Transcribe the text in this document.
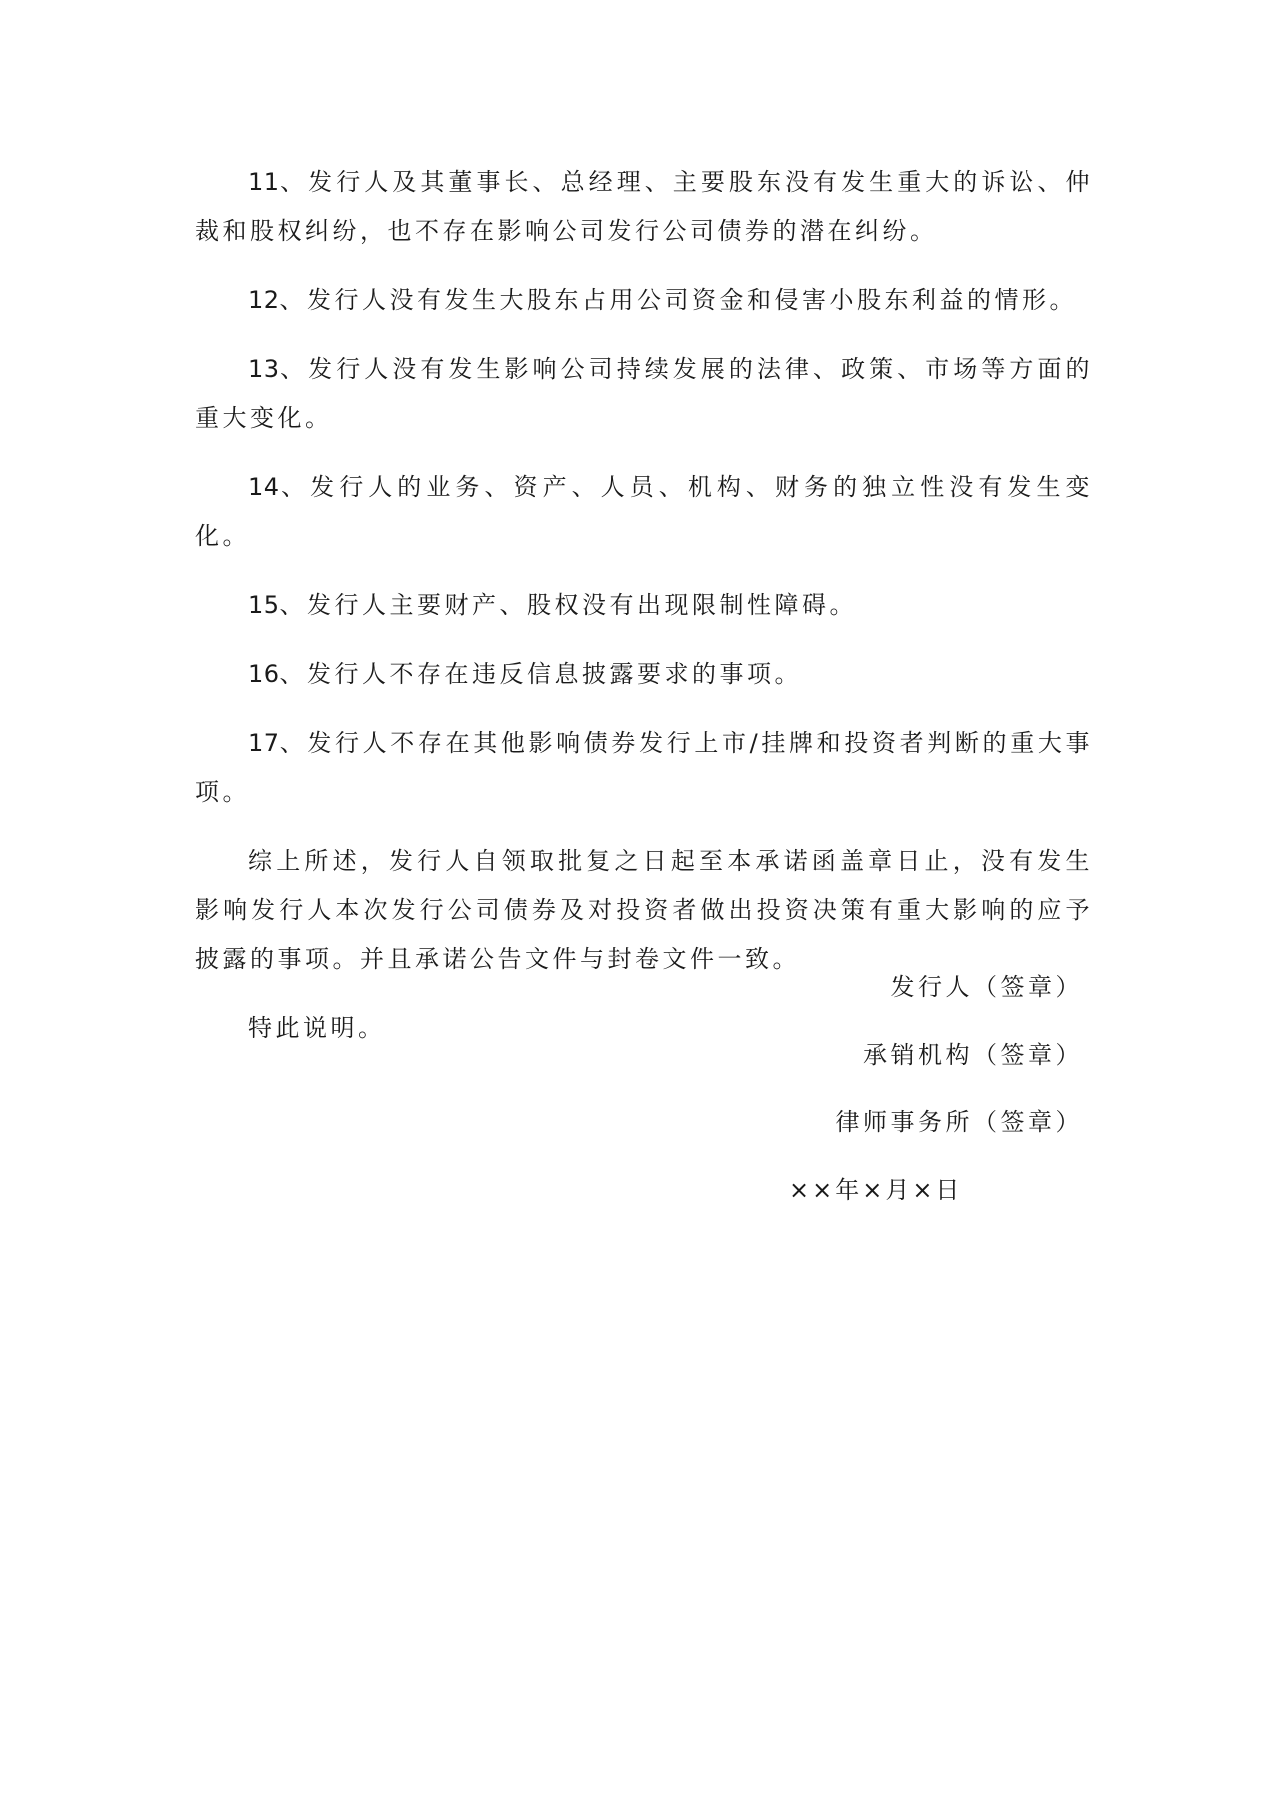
11、发行人及其董事长、总经理、主要股东没有发生重大的诉讼、仲裁和股权纠纷，也不存在影响公司发行公司债券的潜在纠纷。

12、发行人没有发生大股东占用公司资金和侵害小股东利益的情形。

13、发行人没有发生影响公司持续发展的法律、政策、市场等方面的重大变化。

14、发行人的业务、资产、人员、机构、财务的独立性没有发生变化。

15、发行人主要财产、股权没有出现限制性障碍。

16、发行人不存在违反信息披露要求的事项。

17、发行人不存在其他影响债券发行上市/挂牌和投资者判断的重大事项。

综上所述，发行人自领取批复之日起至本承诺函盖章日止，没有发生影响发行人本次发行公司债券及对投资者做出投资决策有重大影响的应予披露的事项。并且承诺公告文件与封卷文件一致。

特此说明。

发行人（签章）
承销机构（签章）
律师事务所（签章）
××年×月×日
